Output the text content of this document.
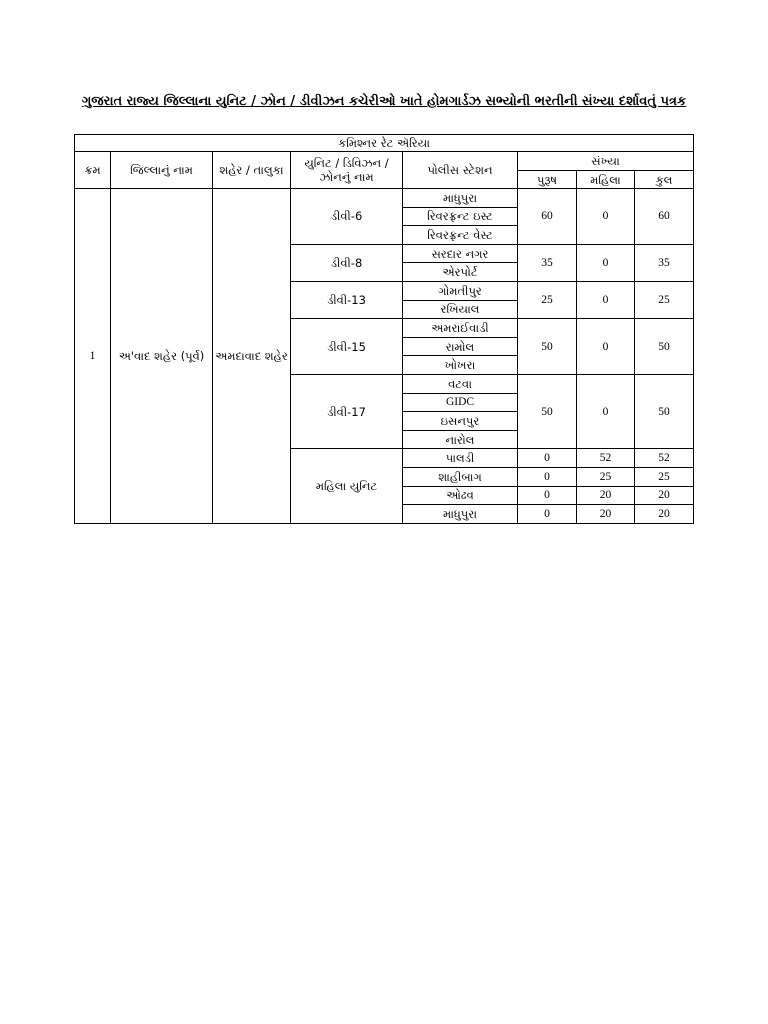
ગુજરાત રાજ્ય જિલ્લાના યુનિટ / ઝોન / ડીવીઝન કચેરીઓ ખાતે હોમગાર્ડઝ સભ્યોની ભરતીની સંખ્યા દર્શાવતું પત્રક
કમિશ્નર રેટ ઍરિયા							
ક્રમ	જિલ્લાનું નામ	શહેર / તાલુકા	યુનિટ / ડિવિઝન / ઝોનનું નામ	પોલીસ સ્ટેશન	સંખ્યા		
					પુરૂષ	મહિલા	કુલ
1	અ'વાદ શહેર (પૂર્વ)	અમદાવાદ શહેર	ડીવી-6	માધુપુરા	60	0	60
				રિવરફ્રન્ટ ઇસ્ટ			
				રિવરફ્રન્ટ વેસ્ટ			
			ડીવી-8	સરદાર નગર	35	0	35
				એરપોર્ટ			
			ડીવી-13	ગોમતીપુર	25	0	25
				રખિયાલ			
			ડીવી-15	અમરાઈવાડી	50	0	50
				રામોલ			
				ખોખરા			
			ડીવી-17	વટવા	50	0	50
				GIDC			
				ઇસનપુર			
				નારોલ			
			મહિલા યુનિટ	પાલડી	0	52	52
				શાહીબાગ	0	25	25
				ઓઢવ	0	20	20
				માધુપુરા	0	20	20
